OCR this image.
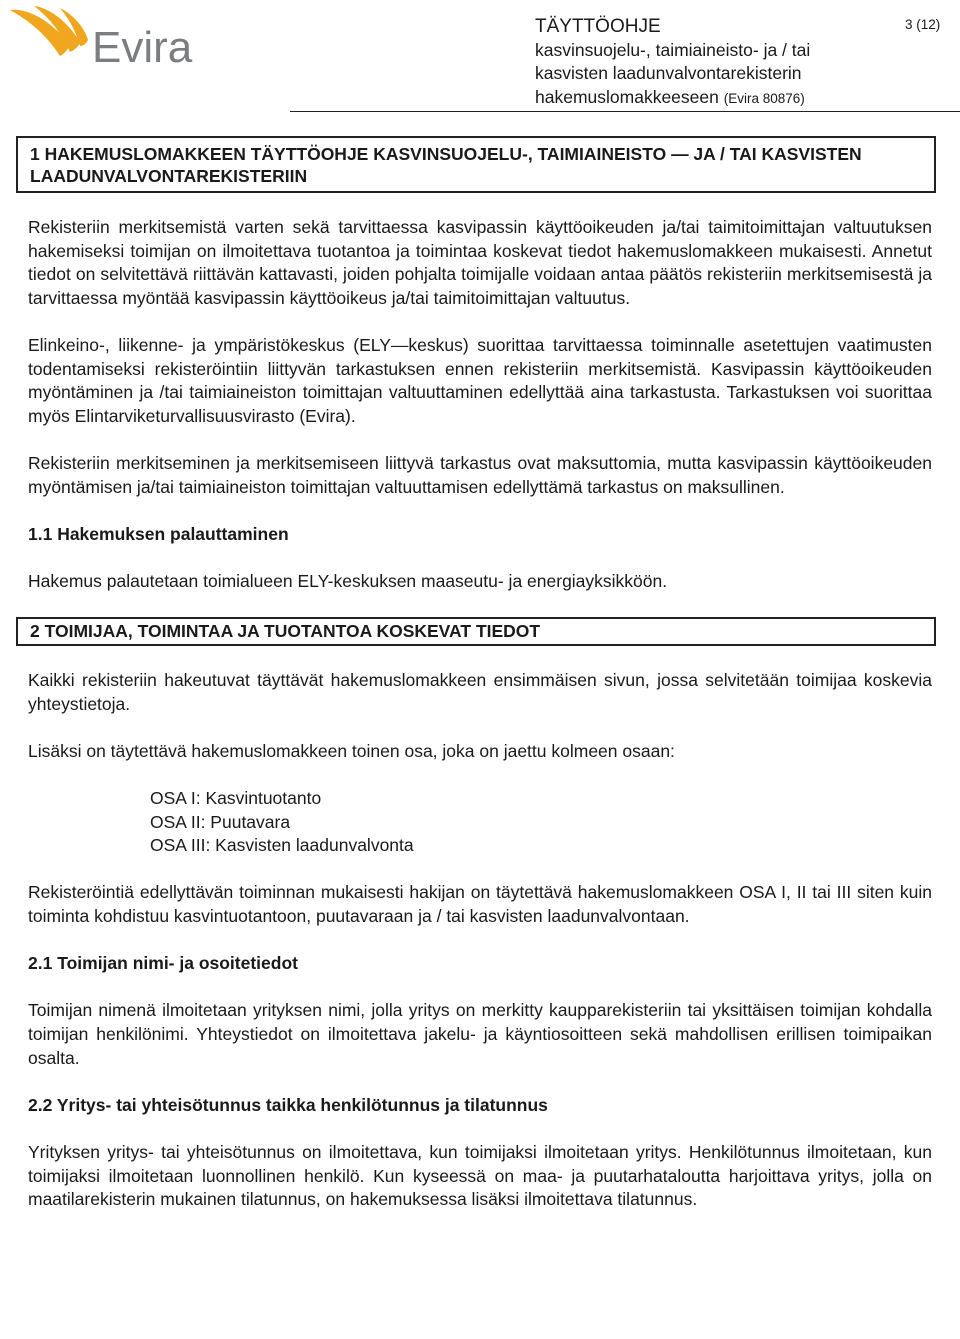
Evira	TÄYTTÖOHJE
kasvinsuojelu-, taimiaineisto- ja / tai
kasvisten laadunvalvontarekisterin
hakemuslomakkeeseen (Evira 80876)
3 (12)
1 HAKEMUSLOMAKKEEN TÄYTTÖOHJE KASVINSUOJELU-, TAIMIAINEISTO — JA / TAI KASVISTEN LAADUNVALVONTAREKISTERIIN

Rekisteriin merkitsemistä varten sekä tarvittaessa kasvipassin käyttöoikeuden ja/tai taimitoimittajan valtuutuksen hakemiseksi toimijan on ilmoitettava tuotantoa ja toimintaa koskevat tiedot hakemuslomakkeen mukaisesti. Annetut tiedot on selvitettävä riittävän kattavasti, joiden pohjalta toimijalle voidaan antaa päätös rekisteriin merkitsemisestä ja tarvittaessa myöntää kasvipassin käyttöoikeus ja/tai taimitoimittajan valtuutus.

Elinkeino-, liikenne- ja ympäristökeskus (ELY—keskus) suorittaa tarvittaessa toiminnalle asetettujen vaatimusten todentamiseksi rekisteröintiin liittyvän tarkastuksen ennen rekisteriin merkitsemistä. Kasvipassin käyttöoikeuden myöntäminen ja /tai taimiaineiston toimittajan valtuuttaminen edellyttää aina tarkastusta. Tarkastuksen voi suorittaa myös Elintarviketurvallisuusvirasto (Evira).

Rekisteriin merkitseminen ja merkitsemiseen liittyvä tarkastus ovat maksuttomia, mutta kasvipassin käyttöoikeuden myöntämisen ja/tai taimiaineiston toimittajan valtuuttamisen edellyttämä tarkastus on maksullinen.

1.1 Hakemuksen palauttaminen

Hakemus palautetaan toimialueen ELY-keskuksen maaseutu- ja energiayksikköön.

2 TOIMIJAA, TOIMINTAA JA TUOTANTOA KOSKEVAT TIEDOT

Kaikki rekisteriin hakeutuvat täyttävät hakemuslomakkeen ensimmäisen sivun, jossa selvitetään toimijaa koskevia yhteystietoja.

Lisäksi on täytettävä hakemuslomakkeen toinen osa, joka on jaettu kolmeen osaan:

OSA I: Kasvintuotanto
OSA II: Puutavara
OSA III: Kasvisten laadunvalvonta

Rekisteröintiä edellyttävän toiminnan mukaisesti hakijan on täytettävä hakemuslomakkeen OSA I, II tai III siten kuin toiminta kohdistuu kasvintuotantoon, puutavaraan ja / tai kasvisten laadunvalvontaan.

2.1 Toimijan nimi- ja osoitetiedot

Toimijan nimenä ilmoitetaan yrityksen nimi, jolla yritys on merkitty kaupparekisteriin tai yksittäisen toimijan kohdalla toimijan henkilönimi. Yhteystiedot on ilmoitettava jakelu- ja käyntiosoitteen sekä mahdollisen erillisen toimipaikan osalta.

2.2 Yritys- tai yhteisötunnus taikka henkilötunnus ja tilatunnus

Yrityksen yritys- tai yhteisötunnus on ilmoitettava, kun toimijaksi ilmoitetaan yritys. Henkilötunnus ilmoitetaan, kun toimijaksi ilmoitetaan luonnollinen henkilö. Kun kyseessä on maa- ja puutarhataloutta harjoittava yritys, jolla on maatilarekisterin mukainen tilatunnus, on hakemuksessa lisäksi ilmoitettava tilatunnus.
